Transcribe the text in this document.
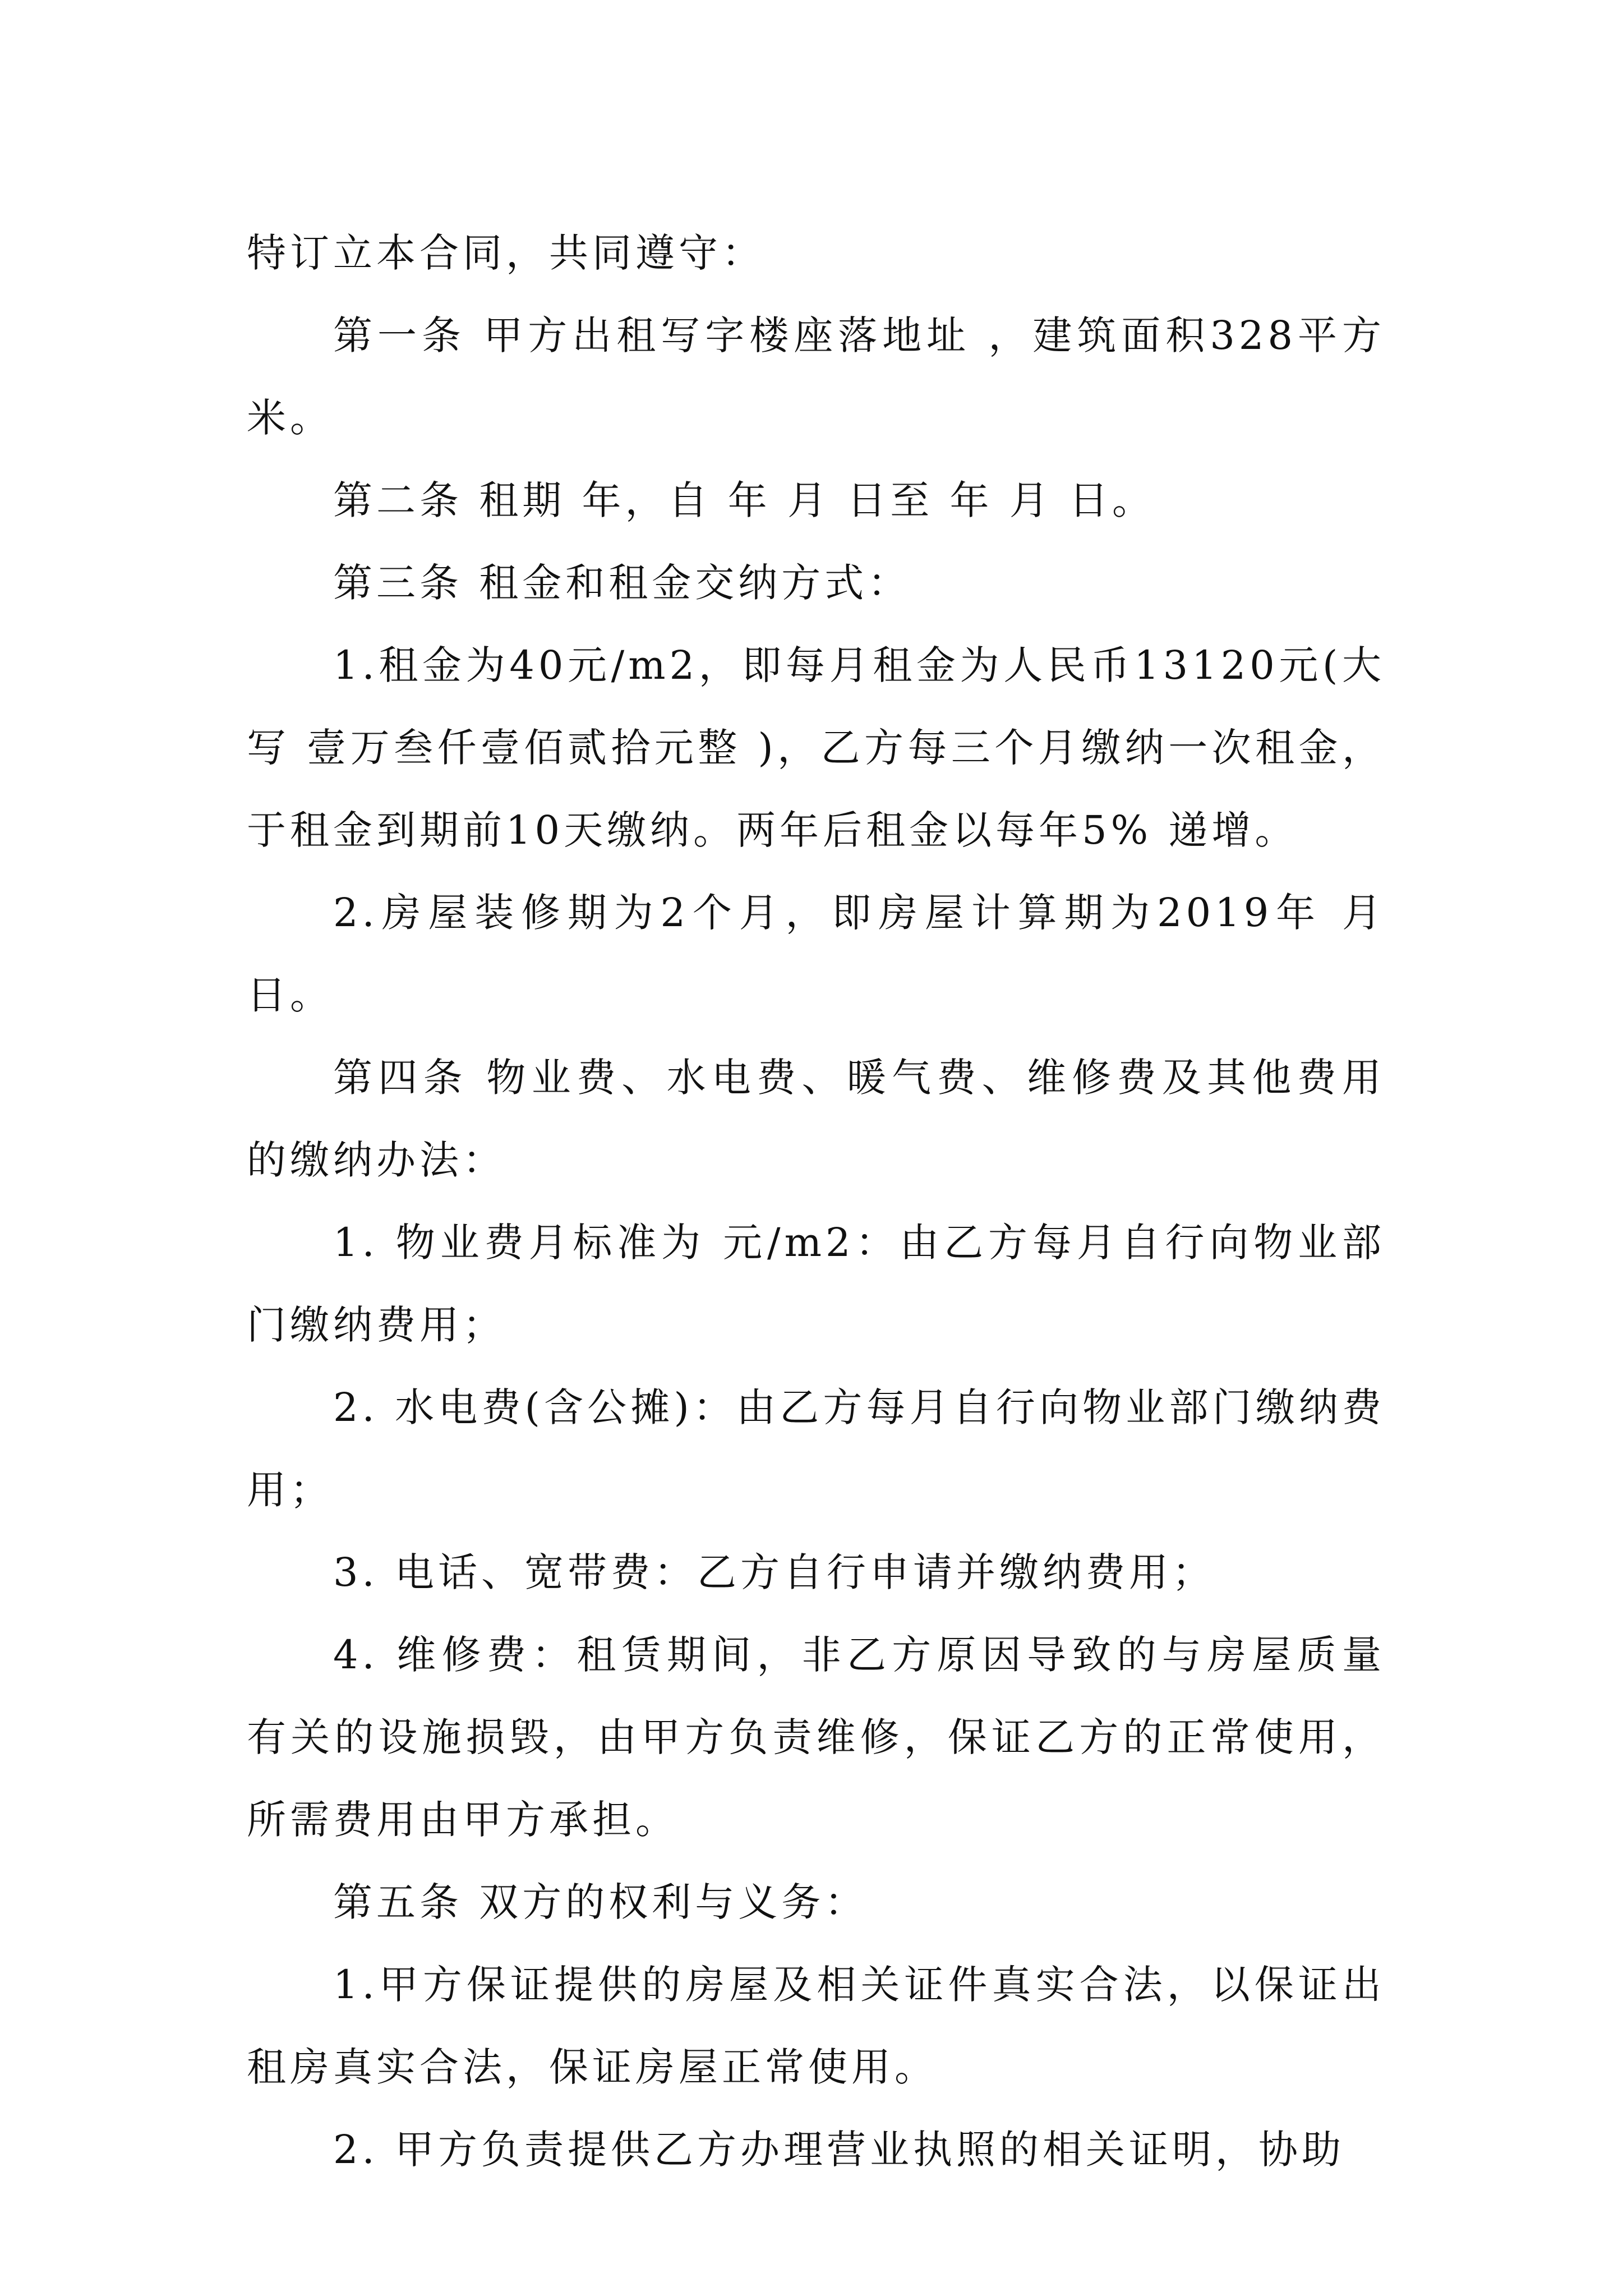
特订立本合同，共同遵守：

第一条 甲方出租写字楼座落地址 ，建筑面积328平方米。

第二条 租期 年，自 年 月 日至 年 月 日。

第三条 租金和租金交纳方式：

1.租金为40元/m2，即每月租金为人民币13120元(大写 壹万叁仟壹佰贰拾元整 )，乙方每三个月缴纳一次租金，于租金到期前10天缴纳。两年后租金以每年5% 递增。

2.房屋装修期为2个月，即房屋计算期为2019年 月日。

第四条 物业费、水电费、暖气费、维修费及其他费用的缴纳办法：

1. 物业费月标准为 元/m2：由乙方每月自行向物业部门缴纳费用；

2. 水电费(含公摊)：由乙方每月自行向物业部门缴纳费用；

3. 电话、宽带费：乙方自行申请并缴纳费用；

4. 维修费：租赁期间，非乙方原因导致的与房屋质量有关的设施损毁，由甲方负责维修，保证乙方的正常使用，所需费用由甲方承担。

第五条 双方的权利与义务：

1.甲方保证提供的房屋及相关证件真实合法，以保证出租房真实合法，保证房屋正常使用。

2. 甲方负责提供乙方办理营业执照的相关证明，协助
